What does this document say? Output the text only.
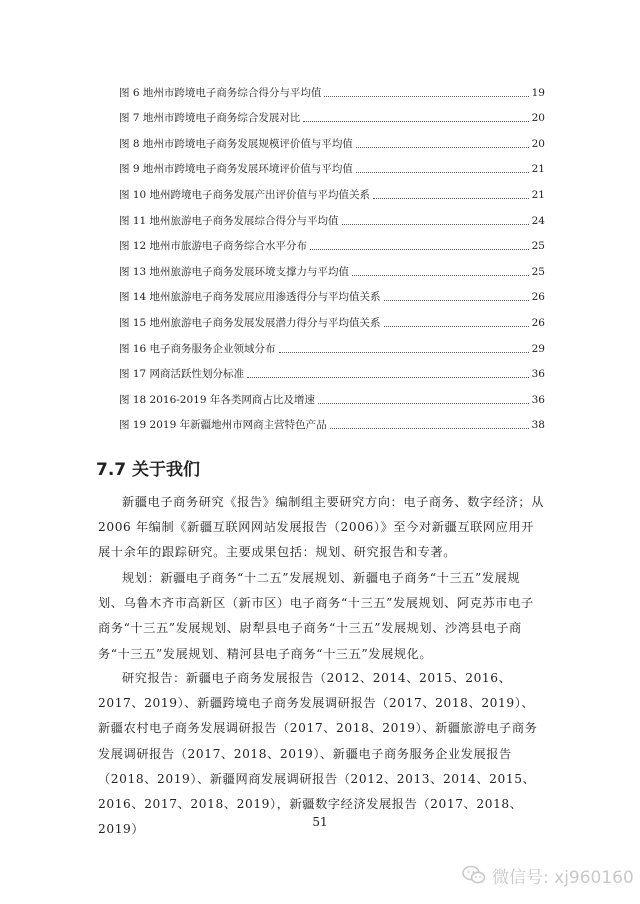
图 6 地州市跨境电子商务综合得分与平均值	19
图 7 地州市跨境电子商务综合发展对比	20
图 8 地州市跨境电子商务发展规模评价值与平均值	20
图 9 地州市跨境电子商务发展环境评价值与平均值	21
图 10 地州跨境电子商务发展产出评价值与平均值关系	21
图 11 地州旅游电子商务发展综合得分与平均值	24
图 12 地州市旅游电子商务综合水平分布	25
图 13 地州旅游电子商务发展环境支撑力与平均值	25
图 14 地州旅游电子商务发展应用渗透得分与平均值关系	26
图 15 地州旅游电子商务发展发展潜力得分与平均值关系	26
图 16 电子商务服务企业领域分布	29
图 17 网商活跃性划分标准	36
图 18 2016-2019 年各类网商占比及增速	36
图 19 2019 年新疆地州市网商主营特色产品	38
7.7 关于我们

新疆电子商务研究《报告》编制组主要研究方向：电子商务、数字经济；从 2006 年编制《新疆互联网网站发展报告（2006）》至今对新疆互联网应用开展十余年的跟踪研究。主要成果包括：规划、研究报告和专著。

规划：新疆电子商务“十二五”发展规划、新疆电子商务“十三五”发展规划、乌鲁木齐市高新区（新市区）电子商务“十三五”发展规划、阿克苏市电子商务“十三五”发展规划、尉犁县电子商务“十三五”发展规划、沙湾县电子商务“十三五”发展规划、精河县电子商务“十三五”发展规化。

研究报告：新疆电子商务发展报告（2012、2014、2015、2016、2017、2019）、新疆跨境电子商务发展调研报告（2017、2018、2019）、新疆农村电子商务发展调研报告（2017、2018、2019）、新疆旅游电子商务发展调研报告（2017、2018、2019）、新疆电子商务服务企业发展报告（2018、2019）、新疆网商发展调研报告（2012、2013、2014、2015、2016、2017、2018、2019），新疆数字经济发展报告（2017、2018、2019）

51
微信号: xj960160
